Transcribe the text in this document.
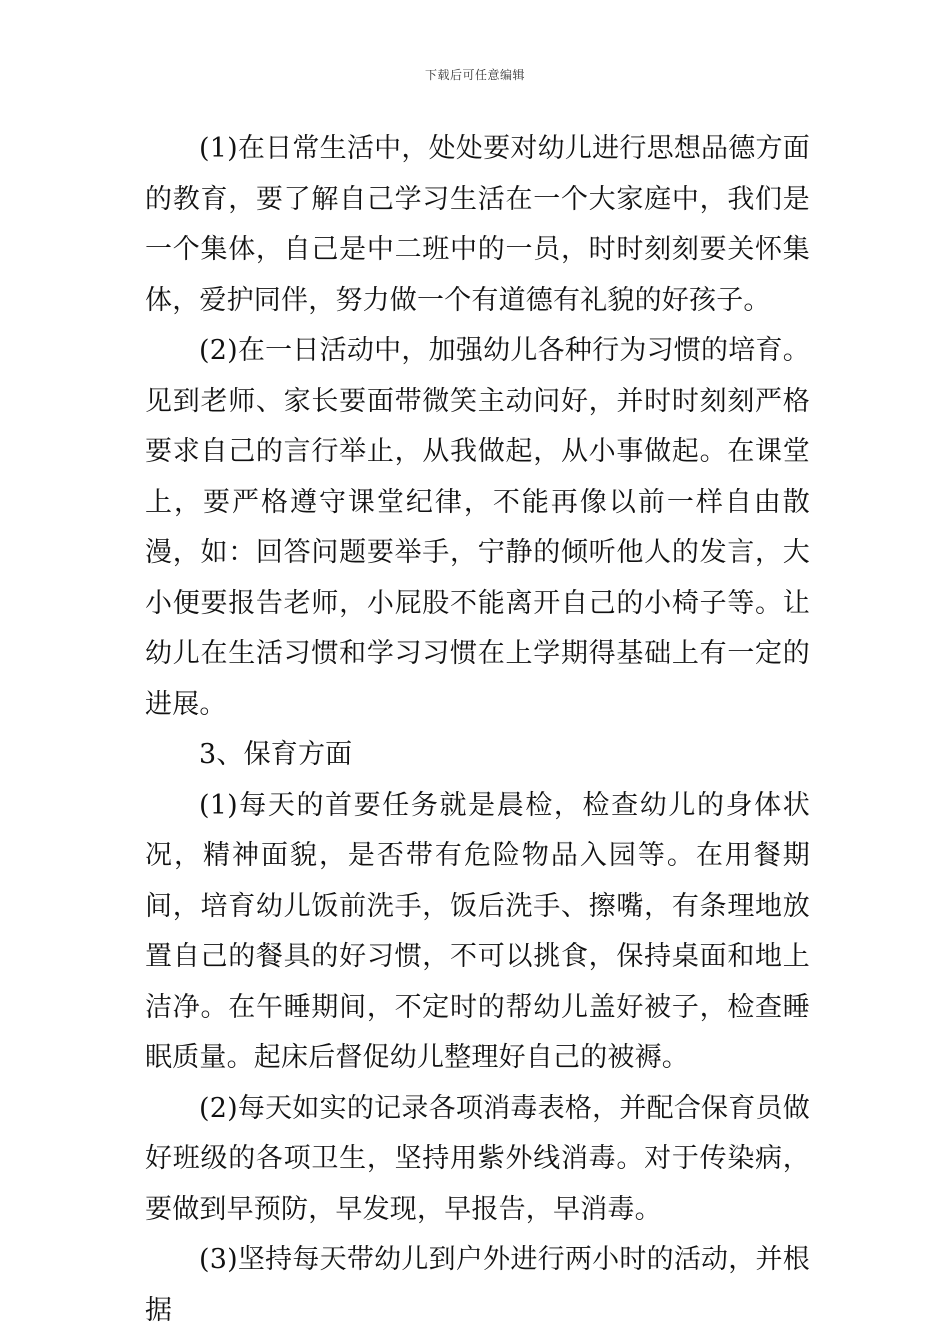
下载后可任意编辑

(1)在日常生活中，处处要对幼儿进行思想品德方面的教育，要了解自己学习生活在一个大家庭中，我们是一个集体，自己是中二班中的一员，时时刻刻要关怀集体，爱护同伴，努力做一个有道德有礼貌的好孩子。

(2)在一日活动中，加强幼儿各种行为习惯的培育。见到老师、家长要面带微笑主动问好，并时时刻刻严格要求自己的言行举止，从我做起，从小事做起。在课堂上，要严格遵守课堂纪律，不能再像以前一样自由散漫，如：回答问题要举手，宁静的倾听他人的发言，大小便要报告老师，小屁股不能离开自己的小椅子等。让幼儿在生活习惯和学习习惯在上学期得基础上有一定的进展。

3、保育方面

(1)每天的首要任务就是晨检，检查幼儿的身体状况，精神面貌，是否带有危险物品入园等。在用餐期间，培育幼儿饭前洗手，饭后洗手、擦嘴，有条理地放置自己的餐具的好习惯，不可以挑食，保持桌面和地上洁净。在午睡期间，不定时的帮幼儿盖好被子，检查睡眠质量。起床后督促幼儿整理好自己的被褥。

(2)每天如实的记录各项消毒表格，并配合保育员做好班级的各项卫生，坚持用紫外线消毒。对于传染病，要做到早预防，早发现，早报告，早消毒。

(3)坚持每天带幼儿到户外进行两小时的活动，并根据
